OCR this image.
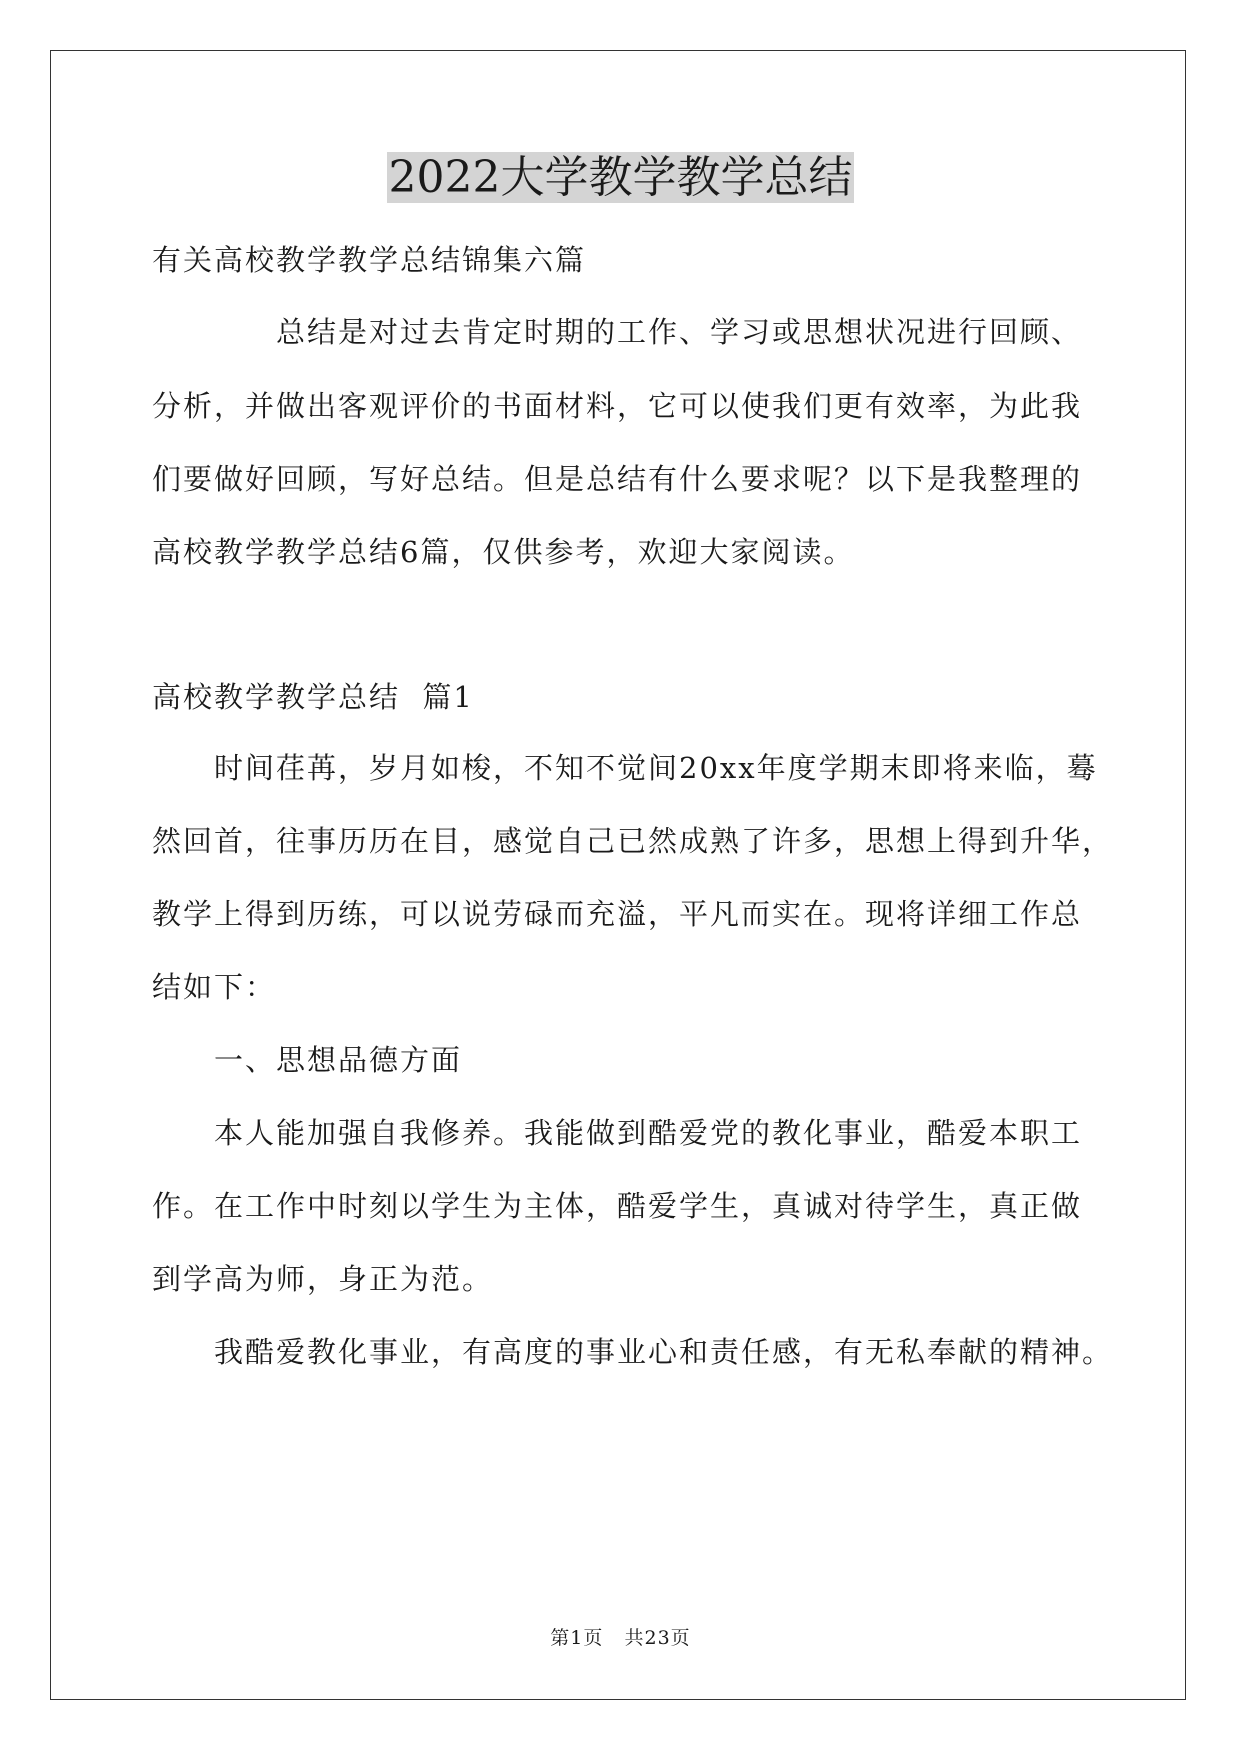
2022大学教学教学总结
有关高校教学教学总结锦集六篇
总结是对过去肯定时期的工作、学习或思想状况进行回顾、
分析，并做出客观评价的书面材料，它可以使我们更有效率，为此我
们要做好回顾，写好总结。但是总结有什么要求呢？以下是我整理的
高校教学教学总结6篇，仅供参考，欢迎大家阅读。
高校教学教学总结  篇1
时间荏苒，岁月如梭，不知不觉间20xx年度学期末即将来临，蓦
然回首，往事历历在目，感觉自己已然成熟了许多，思想上得到升华，
教学上得到历练，可以说劳碌而充溢，平凡而实在。现将详细工作总
结如下：
一、思想品德方面
本人能加强自我修养。我能做到酷爱党的教化事业，酷爱本职工
作。在工作中时刻以学生为主体，酷爱学生，真诚对待学生，真正做
到学高为师，身正为范。
我酷爱教化事业，有高度的事业心和责任感，有无私奉献的精神。
第1页   共23页
